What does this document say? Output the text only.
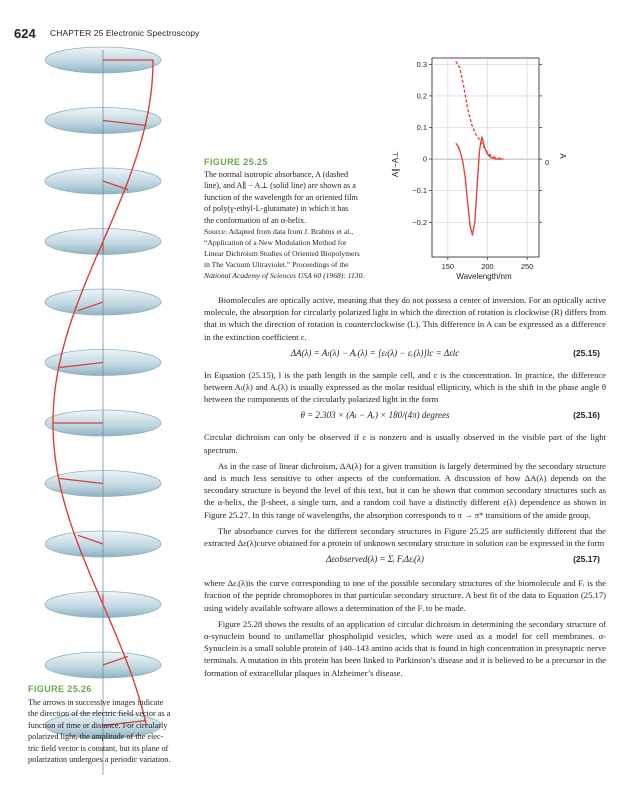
624 CHAPTER 25 Electronic Spectroscopy
FIGURE 25.25
The normal isotropic absorbance, A (dashed
line), and A∥ − A⊥ (solid line) are shown as a
function of the wavelength for an oriented film
of poly(γ-ethyl-L-glutamate) in which it has
the conformation of an α-helix.
Source: Adapted from data from J. Brahms et al.,
“Application of a New Modulation Method for
Linear Dichroism Studies of Oriented Biopolymers
in The Vacuum Ultraviolet.” Proceedings of the
National Academy of Sciences USA 60 (1968): 1130.
−0.2
−0.1
0
0.1
0.2
0.3
150	200	250
A∥−A⊥	A
0
Wavelength/nm

Biomolecules are optically active, meaning that they do not possess a center of inversion. For an optically active molecule, the absorption for circularly polarized light in which the direction of rotation is clockwise (R) differs from that in which the direction of rotation is counterclockwise (L). This difference in A can be expressed as a difference in the extinction coefficient ε.

ΔA(λ) = Aₗ(λ) − Aᵣ(λ) = [εₗ(λ) − εᵣ(λ)]lc = Δεlc	(25.15)

In Equation (25.15), l is the path length in the sample cell, and c is the concentration. In practice, the difference between Aₗ(λ) and Aᵣ(λ) is usually expressed as the molar residual ellipticity, which is the shift in the phase angle θ between the components of the circularly polarized light in the form

θ = 2.303 × (Aₗ − Aᵣ) × 180/(4π) degrees	(25.16)

Circular dichroism can only be observed if ε is nonzero and is usually observed in the visible part of the light spectrum.

As in the case of linear dichroism, ΔA(λ) for a given transition is largely determined by the secondary structure and is much less sensitive to other aspects of the conformation. A discussion of how ΔA(λ) depends on the secondary structure is beyond the level of this text, but it can be shown that common secondary structures such as the α-helix, the β-sheet, a single turn, and a random coil have a distinctly different ε(λ) dependence as shown in Figure 25.27. In this range of wavelengths, the absorption corresponds to π → π* transitions of the amide group.

The absorbance curves for the different secondary structures in Figure 25.25 are sufficiently different that the extracted Δε(λ)curve obtained for a protein of unknown secondary structure in solution can be expressed in the form

Δεobserved(λ) = Σᵢ FᵢΔεᵢ(λ)	(25.17)

where Δεᵢ(λ)is the curve corresponding to one of the possible secondary structures of the biomolecule and Fᵢ is the fraction of the peptide chromophores in that particular secondary structure. A best fit of the data to Equation (25.17) using widely available software allows a determination of the Fᵢ to be made.

Figure 25.28 shows the results of an application of circular dichroism in determining the secondary structure of α-synuclein bound to unilamellar phospholipid vesicles, which were used as a model for cell membranes. α-Synuclein is a small soluble protein of 140–143 amino acids that is found in high concentration in presynaptic nerve terminals. A mutation in this protein has been linked to Parkinson’s disease and it is believed to be a precursor in the formation of extracellular plaques in Alzheimer’s disease.

FIGURE 25.26
The arrows in successive images indicate
the direction of the electric field vector as a
function of time or distance. For circularly
polarized light, the amplitude of the elec-
tric field vector is constant, but its plane of
polarization undergoes a periodic variation.
